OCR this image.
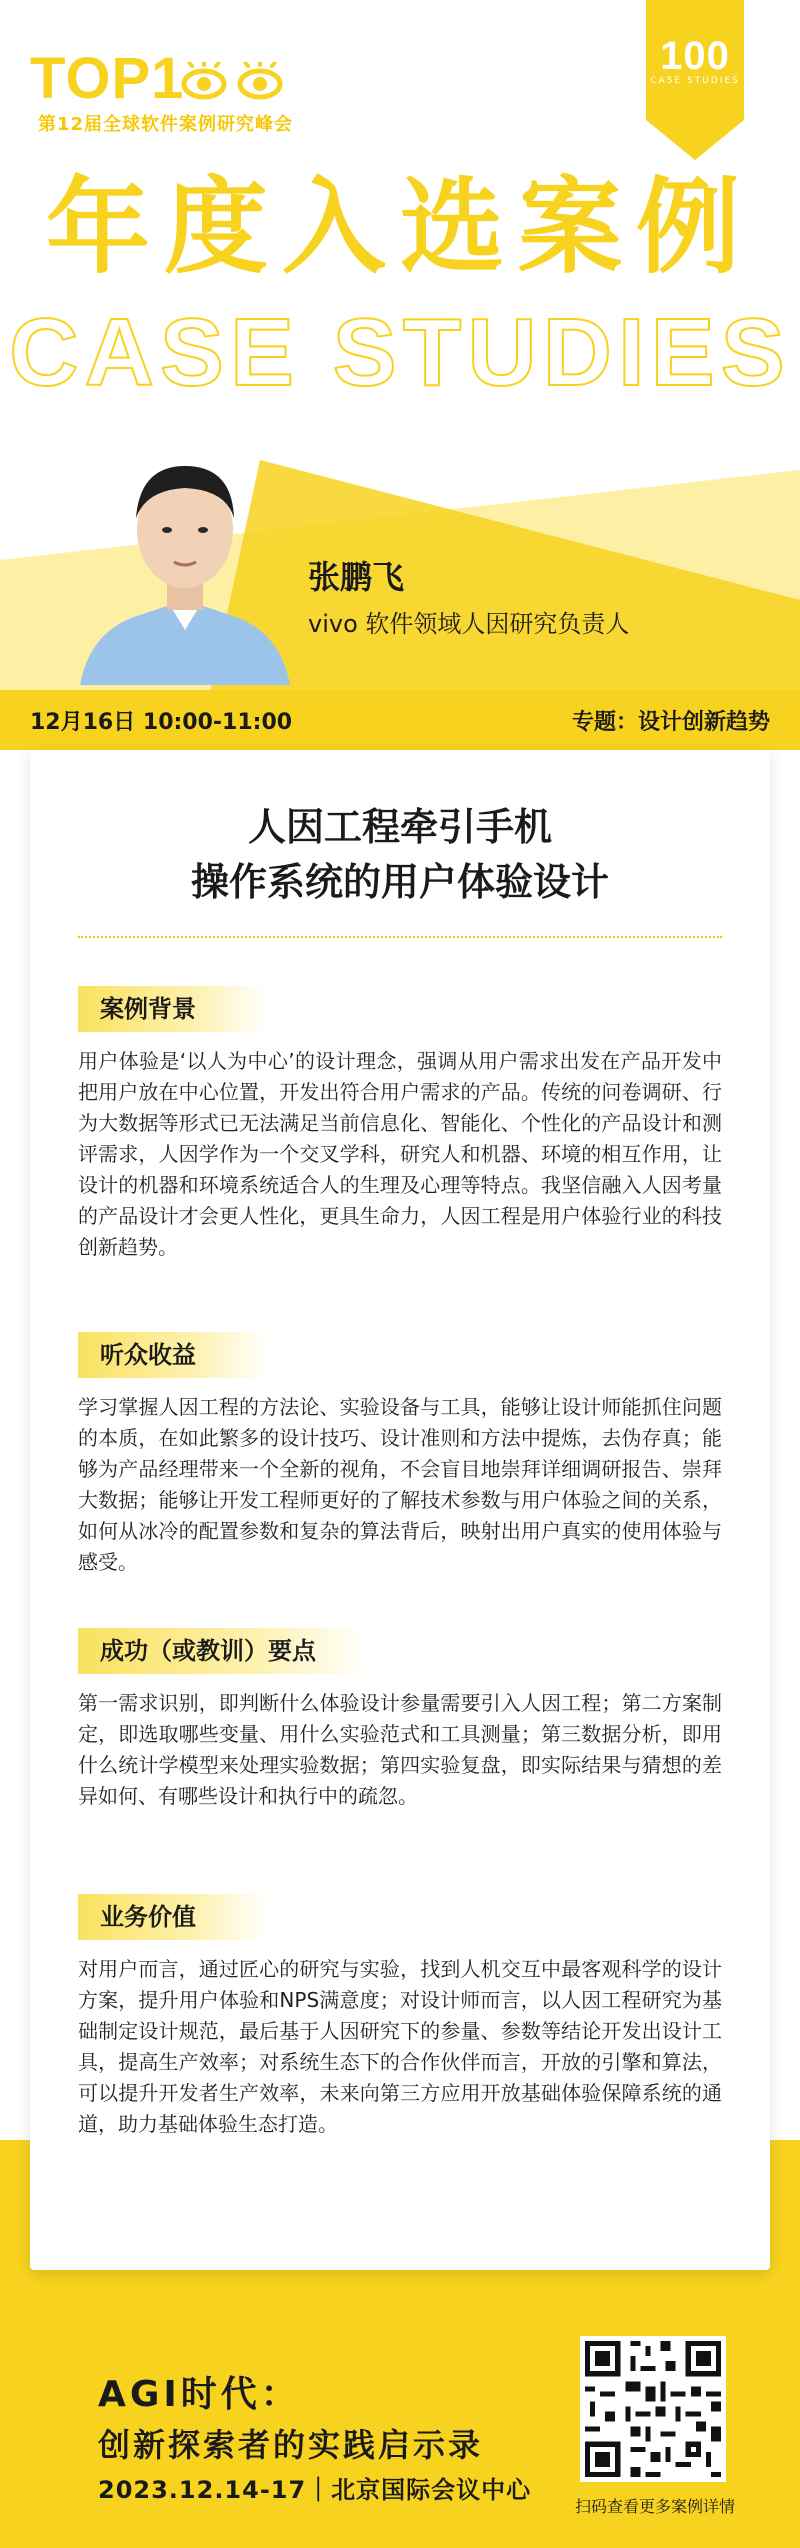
TOP1
第12届全球软件案例研究峰会
100
CASE STUDIES
年度入选案例
CASE STUDIES
张鹏飞
vivo 软件领域人因研究负责人
12月16日 10:00-11:00	专题：设计创新趋势
人因工程牵引手机
操作系统的用户体验设计
案例背景
用户体验是‘以人为中心’的设计理念，强调从用户需求出发在产品开发中把用户放在中心位置，开发出符合用户需求的产品。传统的问卷调研、行为大数据等形式已无法满足当前信息化、智能化、个性化的产品设计和测评需求，人因学作为一个交叉学科，研究人和机器、环境的相互作用，让设计的机器和环境系统适合人的生理及心理等特点。我坚信融入人因考量的产品设计才会更人性化，更具生命力，人因工程是用户体验行业的科技创新趋势。
听众收益
学习掌握人因工程的方法论、实验设备与工具，能够让设计师能抓住问题的本质，在如此繁多的设计技巧、设计准则和方法中提炼，去伪存真；能够为产品经理带来一个全新的视角，不会盲目地崇拜详细调研报告、崇拜大数据；能够让开发工程师更好的了解技术参数与用户体验之间的关系，如何从冰冷的配置参数和复杂的算法背后，映射出用户真实的使用体验与感受。
成功（或教训）要点
第一需求识别，即判断什么体验设计参量需要引入人因工程；第二方案制定，即选取哪些变量、用什么实验范式和工具测量；第三数据分析，即用什么统计学模型来处理实验数据；第四实验复盘，即实际结果与猜想的差异如何、有哪些设计和执行中的疏忽。
业务价值
对用户而言，通过匠心的研究与实验，找到人机交互中最客观科学的设计方案，提升用户体验和NPS满意度；对设计师而言，以人因工程研究为基础制定设计规范，最后基于人因研究下的参量、参数等结论开发出设计工具，提高生产效率；对系统生态下的合作伙伴而言，开放的引擎和算法，可以提升开发者生产效率，未来向第三方应用开放基础体验保障系统的通道，助力基础体验生态打造。
AGI时代：
创新探索者的实践启示录
2023.12.14-17｜北京国际会议中心
扫码查看更多案例详情
